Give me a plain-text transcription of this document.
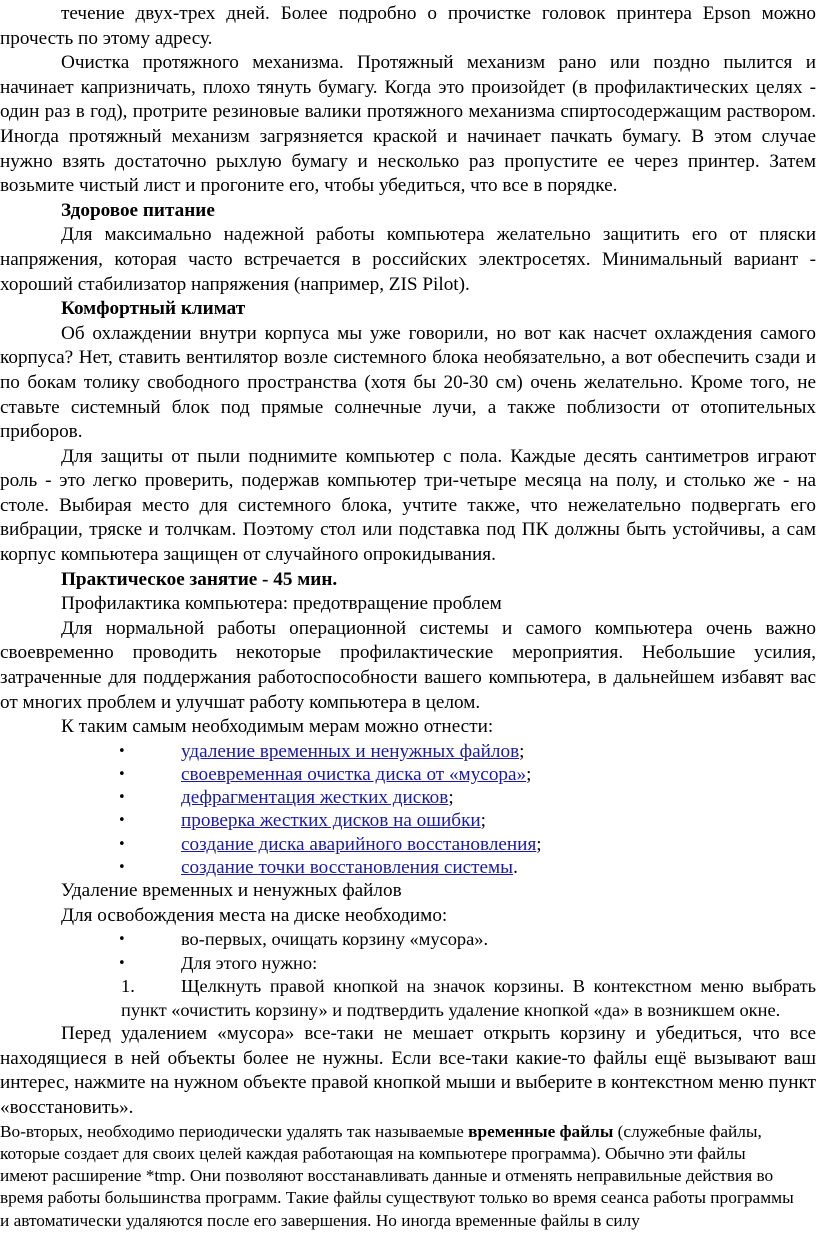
течение двух-трех дней. Более подробно о прочистке головок принтера Epson можно прочесть по этому адресу.

Очистка протяжного механизма. Протяжный механизм рано или поздно пылится и начинает капризничать, плохо тянуть бумагу. Когда это произойдет (в профилактических целях - один раз в год), протрите резиновые валики протяжного механизма спиртосодержащим раствором. Иногда протяжный механизм загрязняется краской и начинает пачкать бумагу. В этом случае нужно взять достаточно рыхлую бумагу и несколько раз пропустите ее через принтер. Затем возьмите чистый лист и прогоните его, чтобы убедиться, что все в порядке.

Здоровое питание

Для максимально надежной работы компьютера желательно защитить его от пляски напряжения, которая часто встречается в российских электросетях. Минимальный вариант - хороший стабилизатор напряжения (например, ZIS Pilot).

Комфортный климат

Об охлаждении внутри корпуса мы уже говорили, но вот как насчет охлаждения самого корпуса? Нет, ставить вентилятор возле системного блока необязательно, а вот обеспечить сзади и по бокам толику свободного пространства (хотя бы 20-30 см) очень желательно. Кроме того, не ставьте системный блок под прямые солнечные лучи, а также поблизости от отопительных приборов.

Для защиты от пыли поднимите компьютер с пола. Каждые десять сантиметров играют роль - это легко проверить, подержав компьютер три-четыре месяца на полу, и столько же - на столе. Выбирая место для системного блока, учтите также, что нежелательно подвергать его вибрации, тряске и толчкам. Поэтому стол или подставка под ПК должны быть устойчивы, а сам корпус компьютера защищен от случайного опрокидывания.

Практическое занятие - 45 мин.

Профилактика компьютера: предотвращение проблем

Для нормальной работы операционной системы и самого компьютера очень важно своевременно проводить некоторые профилактические мероприятия. Небольшие усилия, затраченные для поддержания работоспособности вашего компьютера, в дальнейшем избавят вас от многих проблем и улучшат работу компьютера в целом.

К таким самым необходимым мерам можно отнести:

•	удаление временных и ненужных файлов;
•	своевременная очистка диска от «мусора»;
•	дефрагментация жестких дисков;
•	проверка жестких дисков на ошибки;
•	создание диска аварийного восстановления;
•	создание точки восстановления системы.

Удаление временных и ненужных файлов

Для освобождения места на диске необходимо:

•	во-первых, очищать корзину «мусора».
•	Для этого нужно:

1.	Щелкнуть правой кнопкой на значок корзины. В контекстном меню выбрать пункт «очистить корзину» и подтвердить удаление кнопкой «да» в возникшем окне.

Перед удалением «мусора» все-таки не мешает открыть корзину и убедиться, что все находящиеся в ней объекты более не нужны. Если все-таки какие-то файлы ещё вызывают ваш интерес, нажмите на нужном объекте правой кнопкой мыши и выберите в контекстном меню пункт «восстановить».

Во-вторых, необходимо периодически удалять так называемые временные файлы (служебные файлы, которые создает для своих целей каждая работающая на компьютере программа). Обычно эти файлы имеют расширение *tmp. Они позволяют восстанавливать данные и отменять неправильные действия во время работы большинства программ. Такие файлы существуют только во время сеанса работы программы и автоматически удаляются после его завершения. Но иногда временные файлы в силу
